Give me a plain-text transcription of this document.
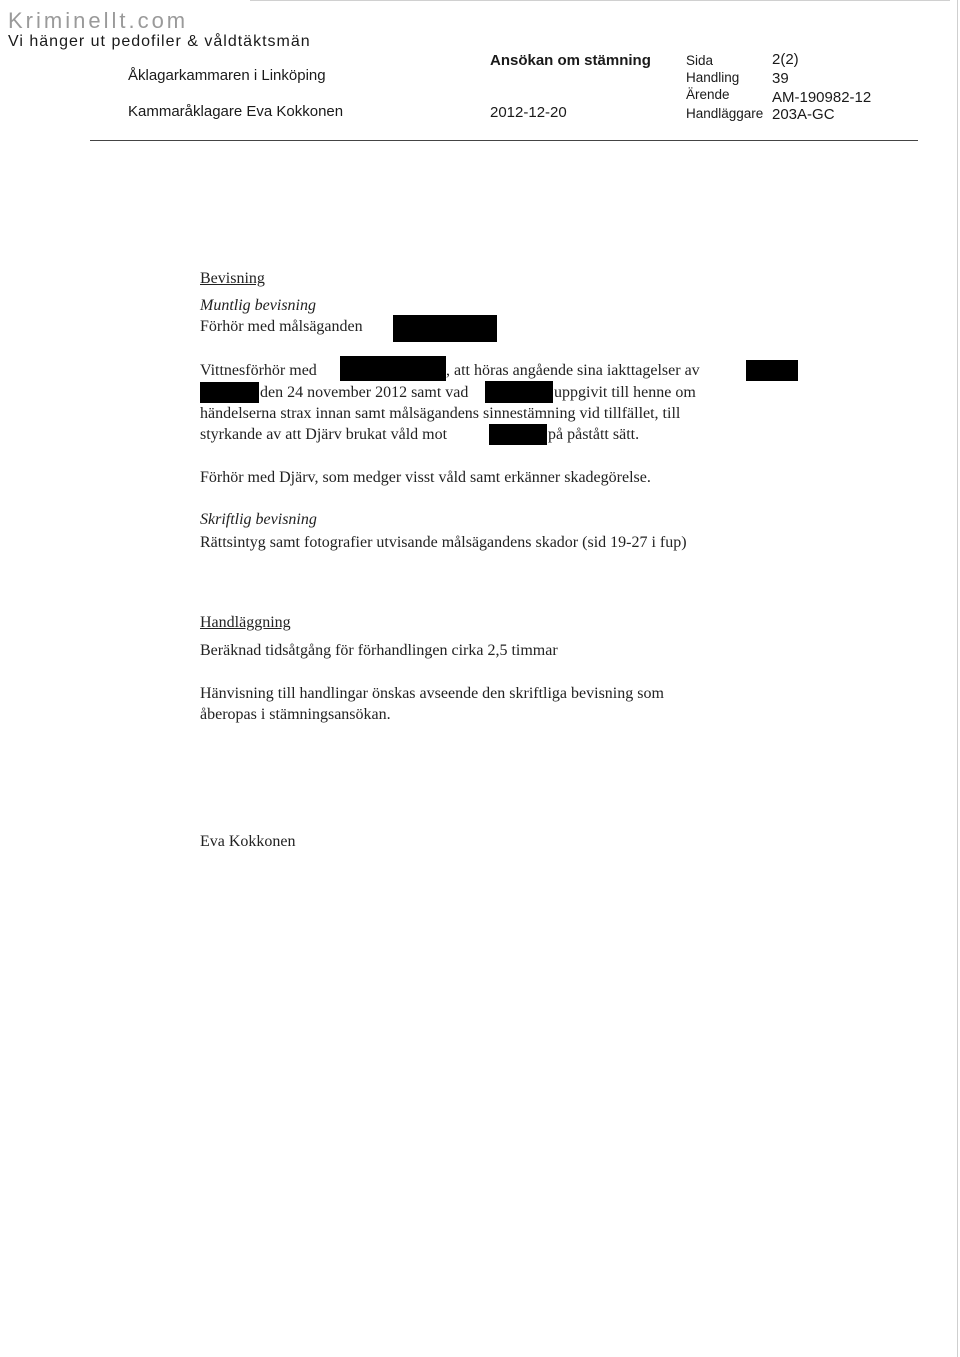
Kriminellt.com
Vi hänger ut pedofiler & våldtäktsmän
Åklagarkammaren i Linköping
Kammaråklagare Eva Kokkonen
Ansökan om stämning
2012-12-20
Sida	2(2)
Handling 39
Ärende	AM-190982-12
Handläggare 203A-GC
Bevisning
Muntlig bevisning
Förhör med målsäganden
Vittnesförhör med	, att höras angående sina iakttagelser av
den 24 november 2012 samt vad	uppgivit till henne om
händelserna strax innan samt målsägandens sinnestämning vid tillfället, till
styrkande av att Djärv brukat våld mot	på påstått sätt.
Förhör med Djärv, som medger visst våld samt erkänner skadegörelse.
Skriftlig bevisning
Rättsintyg samt fotografier utvisande målsägandens skador (sid 19-27 i fup)
Handläggning
Beräknad tidsåtgång för förhandlingen cirka 2,5 timmar
Hänvisning till handlingar önskas avseende den skriftliga bevisning som
åberopas i stämningsansökan.
Eva Kokkonen
